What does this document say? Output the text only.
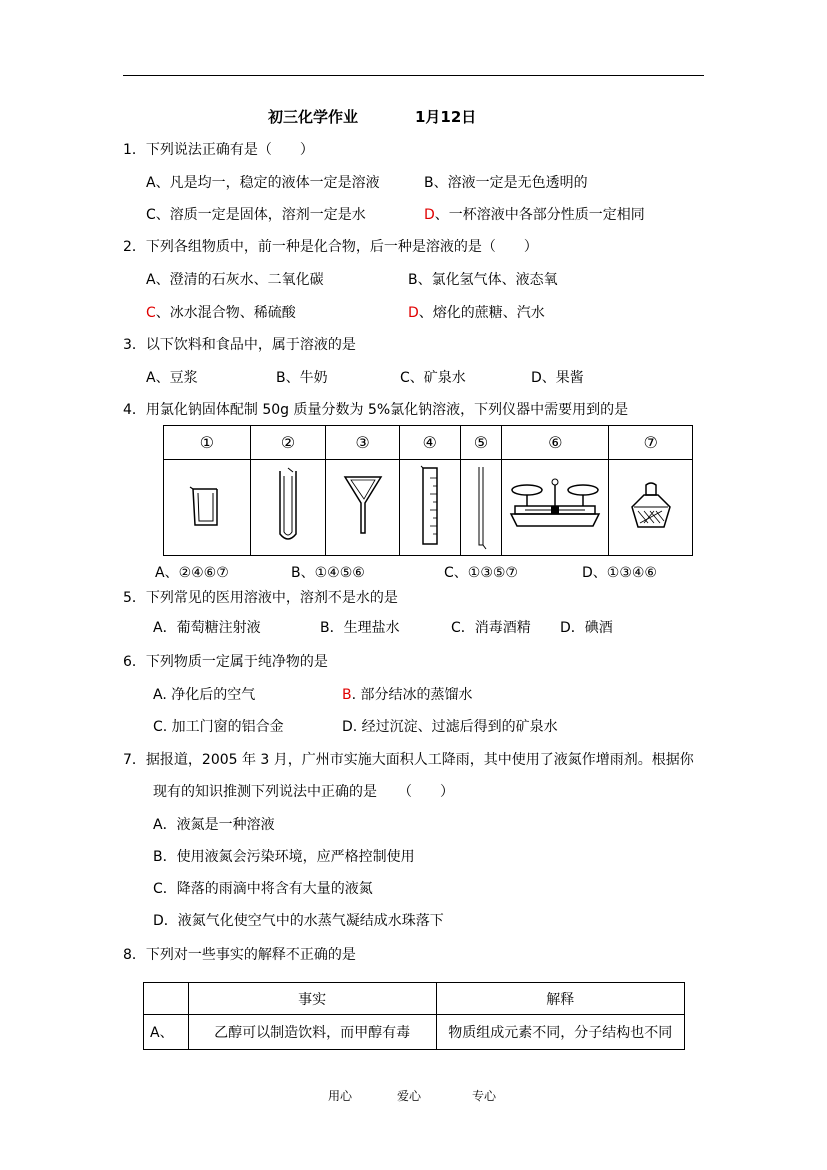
初三化学作业	1月12日
1．下列说法正确有是（　　）
A、凡是均一，稳定的液体一定是溶液	B、溶液一定是无色透明的
C、溶质一定是固体，溶剂一定是水	D、一杯溶液中各部分性质一定相同
2．下列各组物质中，前一种是化合物，后一种是溶液的是（　　）
A、澄清的石灰水、二氧化碳	B、氯化氢气体、液态氧
C、冰水混合物、稀硫酸	D、熔化的蔗糖、汽水
3．以下饮料和食品中，属于溶液的是
A、豆浆	B、牛奶	C、矿泉水	D、果酱
4．用氯化钠固体配制 50g 质量分数为 5%氯化钠溶液，下列仪器中需要用到的是
①	②	③	④	⑤	⑥	⑦

A、②④⑥⑦	B、①④⑤⑥	C、①③⑤⑦	D、①③④⑥
5．下列常见的医用溶液中，溶剂不是水的是
A．葡萄糖注射液	B．生理盐水	C．消毒酒精 D．碘酒
6．下列物质一定属于纯净物的是
A. 净化后的空气	B. 部分结冰的蒸馏水
C. 加工门窗的铝合金	D. 经过沉淀、过滤后得到的矿泉水
7．据报道，2005 年 3 月，广州市实施大面积人工降雨，其中使用了液氮作增雨剂。根据你
现有的知识推测下列说法中正确的是　　（　　）
A．液氮是一种溶液
B．使用液氮会污染环境，应严格控制使用
C．降落的雨滴中将含有大量的液氮
D．液氮气化使空气中的水蒸气凝结成水珠落下
8．下列对一些事实的解释不正确的是
	事实	解释
A、	乙醇可以制造饮料，而甲醇有毒	物质组成元素不同，分子结构也不同
用心	爱心	专心
